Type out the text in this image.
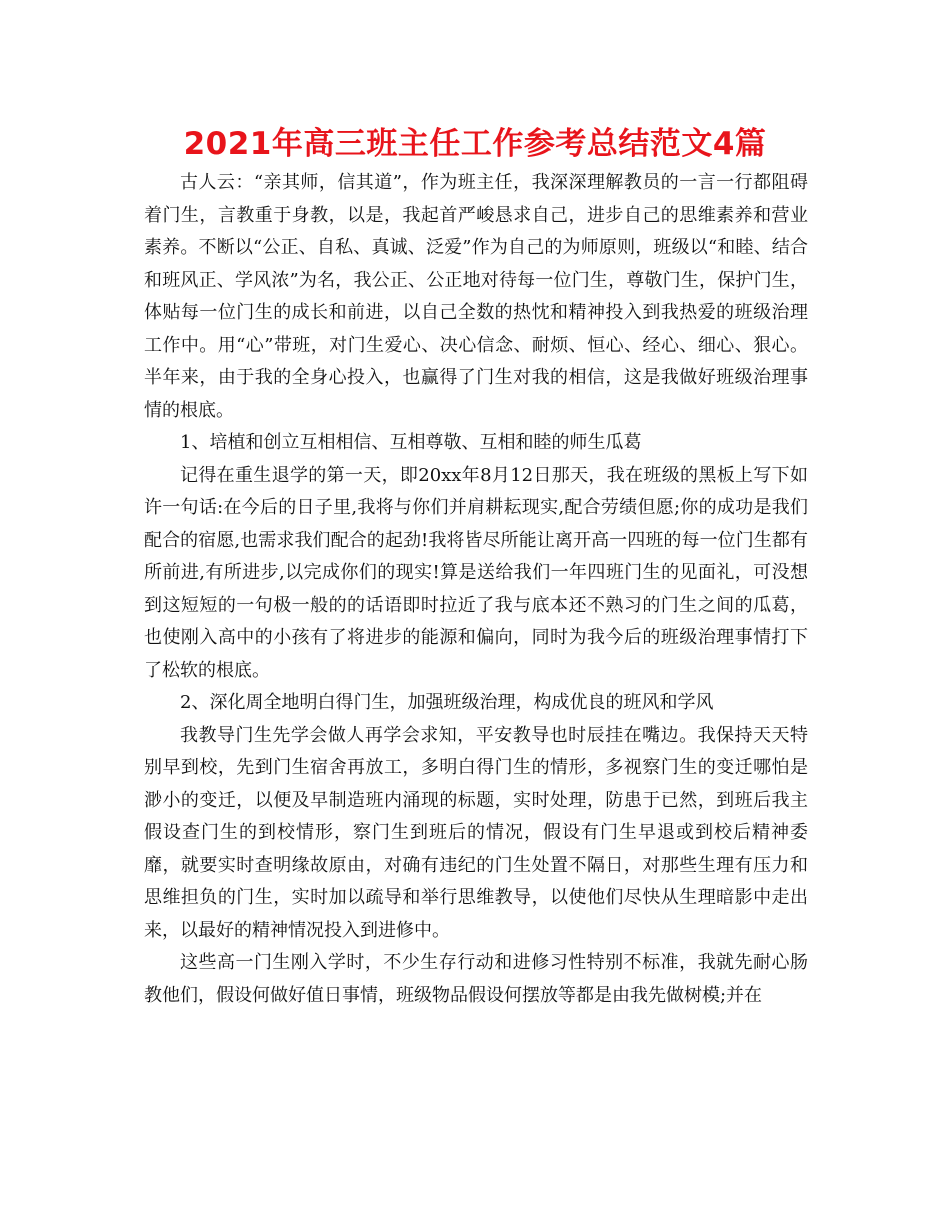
2021年高三班主任工作参考总结范文4篇

古人云：“亲其师，信其道”，作为班主任，我深深理解教员的一言一行都阻碍着门生，言教重于身教，以是，我起首严峻恳求自己，进步自己的思维素养和营业素养。不断以“公正、自私、真诚、泛爱”作为自己的为师原则，班级以“和睦、结合和班风正、学风浓”为名，我公正、公正地对待每一位门生，尊敬门生，保护门生，体贴每一位门生的成长和前进，以自己全数的热忱和精神投入到我热爱的班级治理工作中。用“心”带班，对门生爱心、决心信念、耐烦、恒心、经心、细心、狠心。半年来，由于我的全身心投入，也赢得了门生对我的相信，这是我做好班级治理事情的根底。

1、培植和创立互相相信、互相尊敬、互相和睦的师生瓜葛

记得在重生退学的第一天，即20xx年8月12日那天，我在班级的黑板上写下如许一句话:在今后的日子里,我将与你们并肩耕耘现实,配合劳绩但愿;你的成功是我们配合的宿愿,也需求我们配合的起劲!我将皆尽所能让离开高一四班的每一位门生都有所前进,有所进步,以完成你们的现实!算是送给我们一年四班门生的见面礼，可没想到这短短的一句极一般的的话语即时拉近了我与底本还不熟习的门生之间的瓜葛，也使刚入高中的小孩有了将进步的能源和偏向，同时为我今后的班级治理事情打下了松软的根底。

2、深化周全地明白得门生，加强班级治理，构成优良的班风和学风

我教导门生先学会做人再学会求知，平安教导也时辰挂在嘴边。我保持天天特别早到校，先到门生宿舍再放工，多明白得门生的情形，多视察门生的变迁哪怕是渺小的变迁，以便及早制造班内涌现的标题，实时处理，防患于已然，到班后我主假设查门生的到校情形，察门生到班后的情况，假设有门生早退或到校后精神委靡，就要实时查明缘故原由，对确有违纪的门生处置不隔日，对那些生理有压力和思维担负的门生，实时加以疏导和举行思维教导，以使他们尽快从生理暗影中走出来，以最好的精神情况投入到进修中。

这些高一门生刚入学时，不少生存行动和进修习性特别不标准，我就先耐心肠教他们，假设何做好值日事情，班级物品假设何摆放等都是由我先做树模;并在
